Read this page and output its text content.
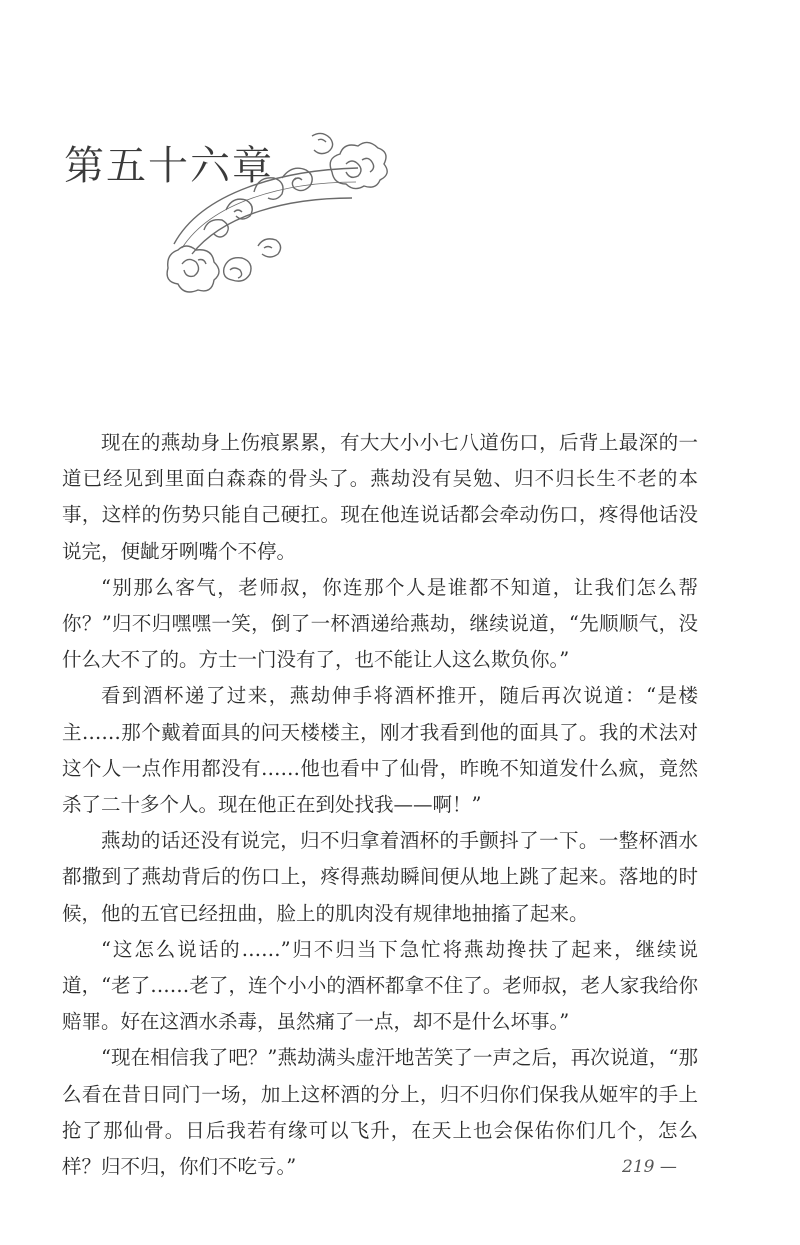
第五十六章

现在的燕劫身上伤痕累累，有大大小小七八道伤口，后背上最深的一道已经见到里面白森森的骨头了。燕劫没有吴勉、归不归长生不老的本事，这样的伤势只能自己硬扛。现在他连说话都会牵动伤口，疼得他话没说完，便龇牙咧嘴个不停。

“别那么客气，老师叔，你连那个人是谁都不知道，让我们怎么帮你？”归不归嘿嘿一笑，倒了一杯酒递给燕劫，继续说道，“先顺顺气，没什么大不了的。方士一门没有了，也不能让人这么欺负你。”

看到酒杯递了过来，燕劫伸手将酒杯推开，随后再次说道：“是楼主……那个戴着面具的问天楼楼主，刚才我看到他的面具了。我的术法对这个人一点作用都没有……他也看中了仙骨，昨晚不知道发什么疯，竟然杀了二十多个人。现在他正在到处找我——啊！”

燕劫的话还没有说完，归不归拿着酒杯的手颤抖了一下。一整杯酒水都撒到了燕劫背后的伤口上，疼得燕劫瞬间便从地上跳了起来。落地的时候，他的五官已经扭曲，脸上的肌肉没有规律地抽搐了起来。

“这怎么说话的……”归不归当下急忙将燕劫搀扶了起来，继续说道，“老了……老了，连个小小的酒杯都拿不住了。老师叔，老人家我给你赔罪。好在这酒水杀毒，虽然痛了一点，却不是什么坏事。”

“现在相信我了吧？”燕劫满头虚汗地苦笑了一声之后，再次说道，“那么看在昔日同门一场，加上这杯酒的分上，归不归你们保我从姬牢的手上抢了那仙骨。日后我若有缘可以飞升，在天上也会保佑你们几个，怎么样？归不归，你们不吃亏。”	219 —
